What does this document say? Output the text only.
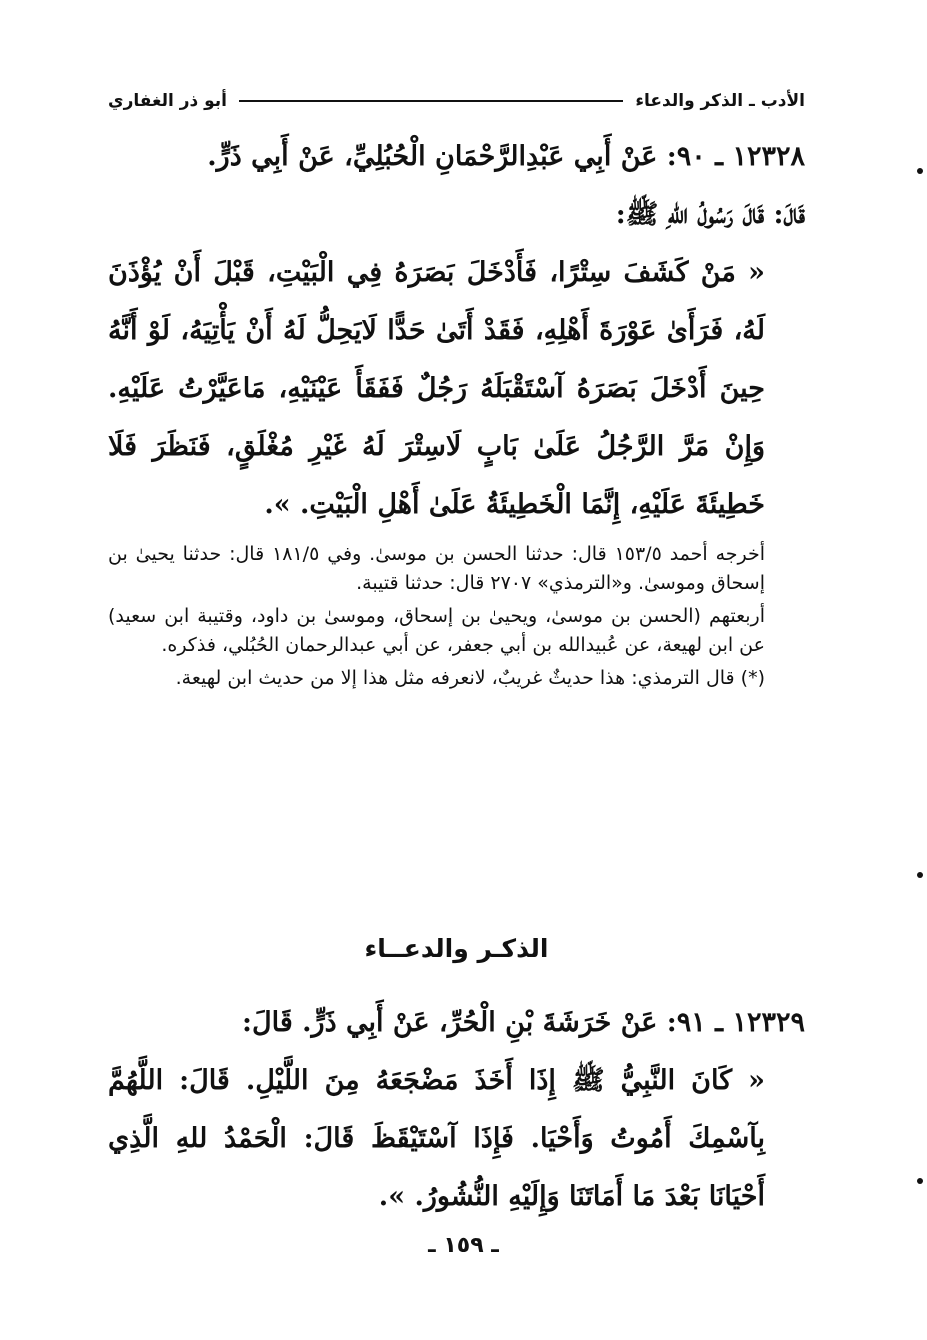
الأدب ـ الذكر والدعاء
أبو ذر الغفاري

١٢٣٢٨ ـ ٩٠: عَنْ أَبِي عَبْدِالرَّحْمَانِ الْحُبُلِيِّ، عَنْ أَبِي ذَرٍّ.

قَالَ: قَالَ رَسُولُ اللهِ ﷺ:

« مَنْ كَشَفَ سِتْرًا، فَأَدْخَلَ بَصَرَهُ فِي الْبَيْتِ، قَبْلَ أَنْ يُؤْذَنَ لَهُ، فَرَأَىٰ عَوْرَةَ أَهْلِهِ، فَقَدْ أَتَىٰ حَدًّا لَايَحِلُّ لَهُ أَنْ يَأْتِيَهُ، لَوْ أَنَّهُ حِينَ أَدْخَلَ بَصَرَهُ آسْتَقْبَلَهُ رَجُلٌ فَفَقَأَ عَيْنَيْهِ، مَاعَيَّرْتُ عَلَيْهِ. وَإِنْ مَرَّ الرَّجُلُ عَلَىٰ بَابٍ لَاسِتْرَ لَهُ غَيْرِ مُغْلَقٍ، فَنَظَرَ فَلَا خَطِيئَةَ عَلَيْهِ، إِنَّمَا الْخَطِيئَةُ عَلَىٰ أَهْلِ الْبَيْتِ. ».

أخرجه أحمد ١٥٣/٥ قال: حدثنا الحسن بن موسىٰ. وفي ١٨١/٥ قال: حدثنا يحيىٰ بن إسحاق وموسىٰ. و«الترمذي» ٢٧٠٧ قال: حدثنا قتيبة.

أربعتهم (الحسن بن موسىٰ، ويحيىٰ بن إسحاق، وموسىٰ بن داود، وقتيبة ابن سعيد) عن ابن لهيعة، عن عُبيدالله بن أبي جعفر، عن أبي عبدالرحمان الحُبُلي، فذكره.

(*) قال الترمذي: هذا حديثٌ غريبٌ، لانعرفه مثل هذا إلا من حديث ابن لهيعة.

الذكـر والدعــاء

١٢٣٢٩ ـ ٩١: عَنْ خَرَشَةَ بْنِ الْحُرِّ، عَنْ أَبِي ذَرٍّ. قَالَ:

« كَانَ النَّبِيُّ ﷺ إِذَا أَخَذَ مَضْجَعَهُ مِنَ اللَّيْلِ. قَالَ: اللَّهُمَّ بِآسْمِكَ أَمُوتُ وَأَحْيَا. فَإِذَا آسْتَيْقَظَ قَالَ: الْحَمْدُ للهِ الَّذِي أَحْيَانَا بَعْدَ مَا أَمَاتَنَا وَإِلَيْهِ النُّشُورُ. ».

ـ ١٥٩ ـ
